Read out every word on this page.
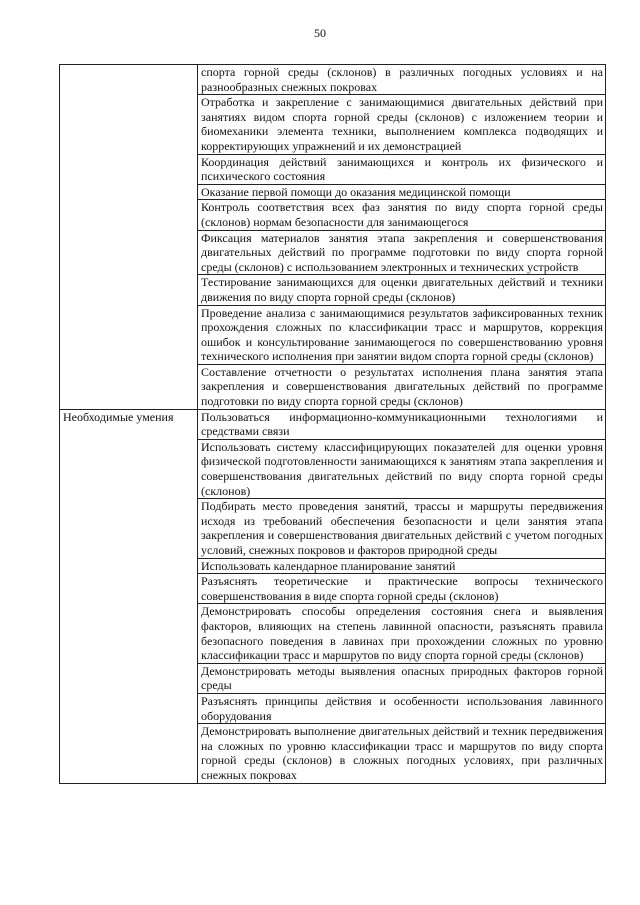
50
	спорта горной среды (склонов) в различных погодных условиях и на разнообразных снежных покровах
	Отработка и закрепление с занимающимися двигательных действий при занятиях видом спорта горной среды (склонов) с изложением теории и биомеханики элемента техники, выполнением комплекса подводящих и корректирующих упражнений и их демонстрацией
	Координация действий занимающихся и контроль их физического и психического состояния
	Оказание первой помощи до оказания медицинской помощи
	Контроль соответствия всех фаз занятия по виду спорта горной среды (склонов) нормам безопасности для занимающегося
	Фиксация материалов занятия этапа закрепления и совершенствования двигательных действий по программе подготовки по виду спорта горной среды (склонов) с использованием электронных и технических устройств
	Тестирование занимающихся для оценки двигательных действий и техники движения по виду спорта горной среды (склонов)
	Проведение анализа с занимающимися результатов зафиксированных техник прохождения сложных по классификации трасс и маршрутов, коррекция ошибок и консультирование занимающегося по совершенствованию уровня технического исполнения при занятии видом спорта горной среды (склонов)
	Составление отчетности о результатах исполнения плана занятия этапа закрепления и совершенствования двигательных действий по программе подготовки по виду спорта горной среды (склонов)
Необходимые умения	Пользоваться информационно-коммуникационными технологиями и средствами связи
	Использовать систему классифицирующих показателей для оценки уровня физической подготовленности занимающихся к занятиям этапа закрепления и совершенствования двигательных действий по виду спорта горной среды (склонов)
	Подбирать место проведения занятий, трассы и маршруты передвижения исходя из требований обеспечения безопасности и цели занятия этапа закрепления и совершенствования двигательных действий с учетом погодных условий, снежных покровов и факторов природной среды
	Использовать календарное планирование занятий
	Разъяснять теоретические и практические вопросы технического совершенствования в виде спорта горной среды (склонов)
	Демонстрировать способы определения состояния снега и выявления факторов, влияющих на степень лавинной опасности, разъяснять правила безопасного поведения в лавинах при прохождении сложных по уровню классификации трасс и маршрутов по виду спорта горной среды (склонов)
	Демонстрировать методы выявления опасных природных факторов горной среды
	Разъяснять принципы действия и особенности использования лавинного оборудования
	Демонстрировать выполнение двигательных действий и техник передвижения на сложных по уровню классификации трасс и маршрутов по виду спорта горной среды (склонов) в сложных погодных условиях, при различных снежных покровах
